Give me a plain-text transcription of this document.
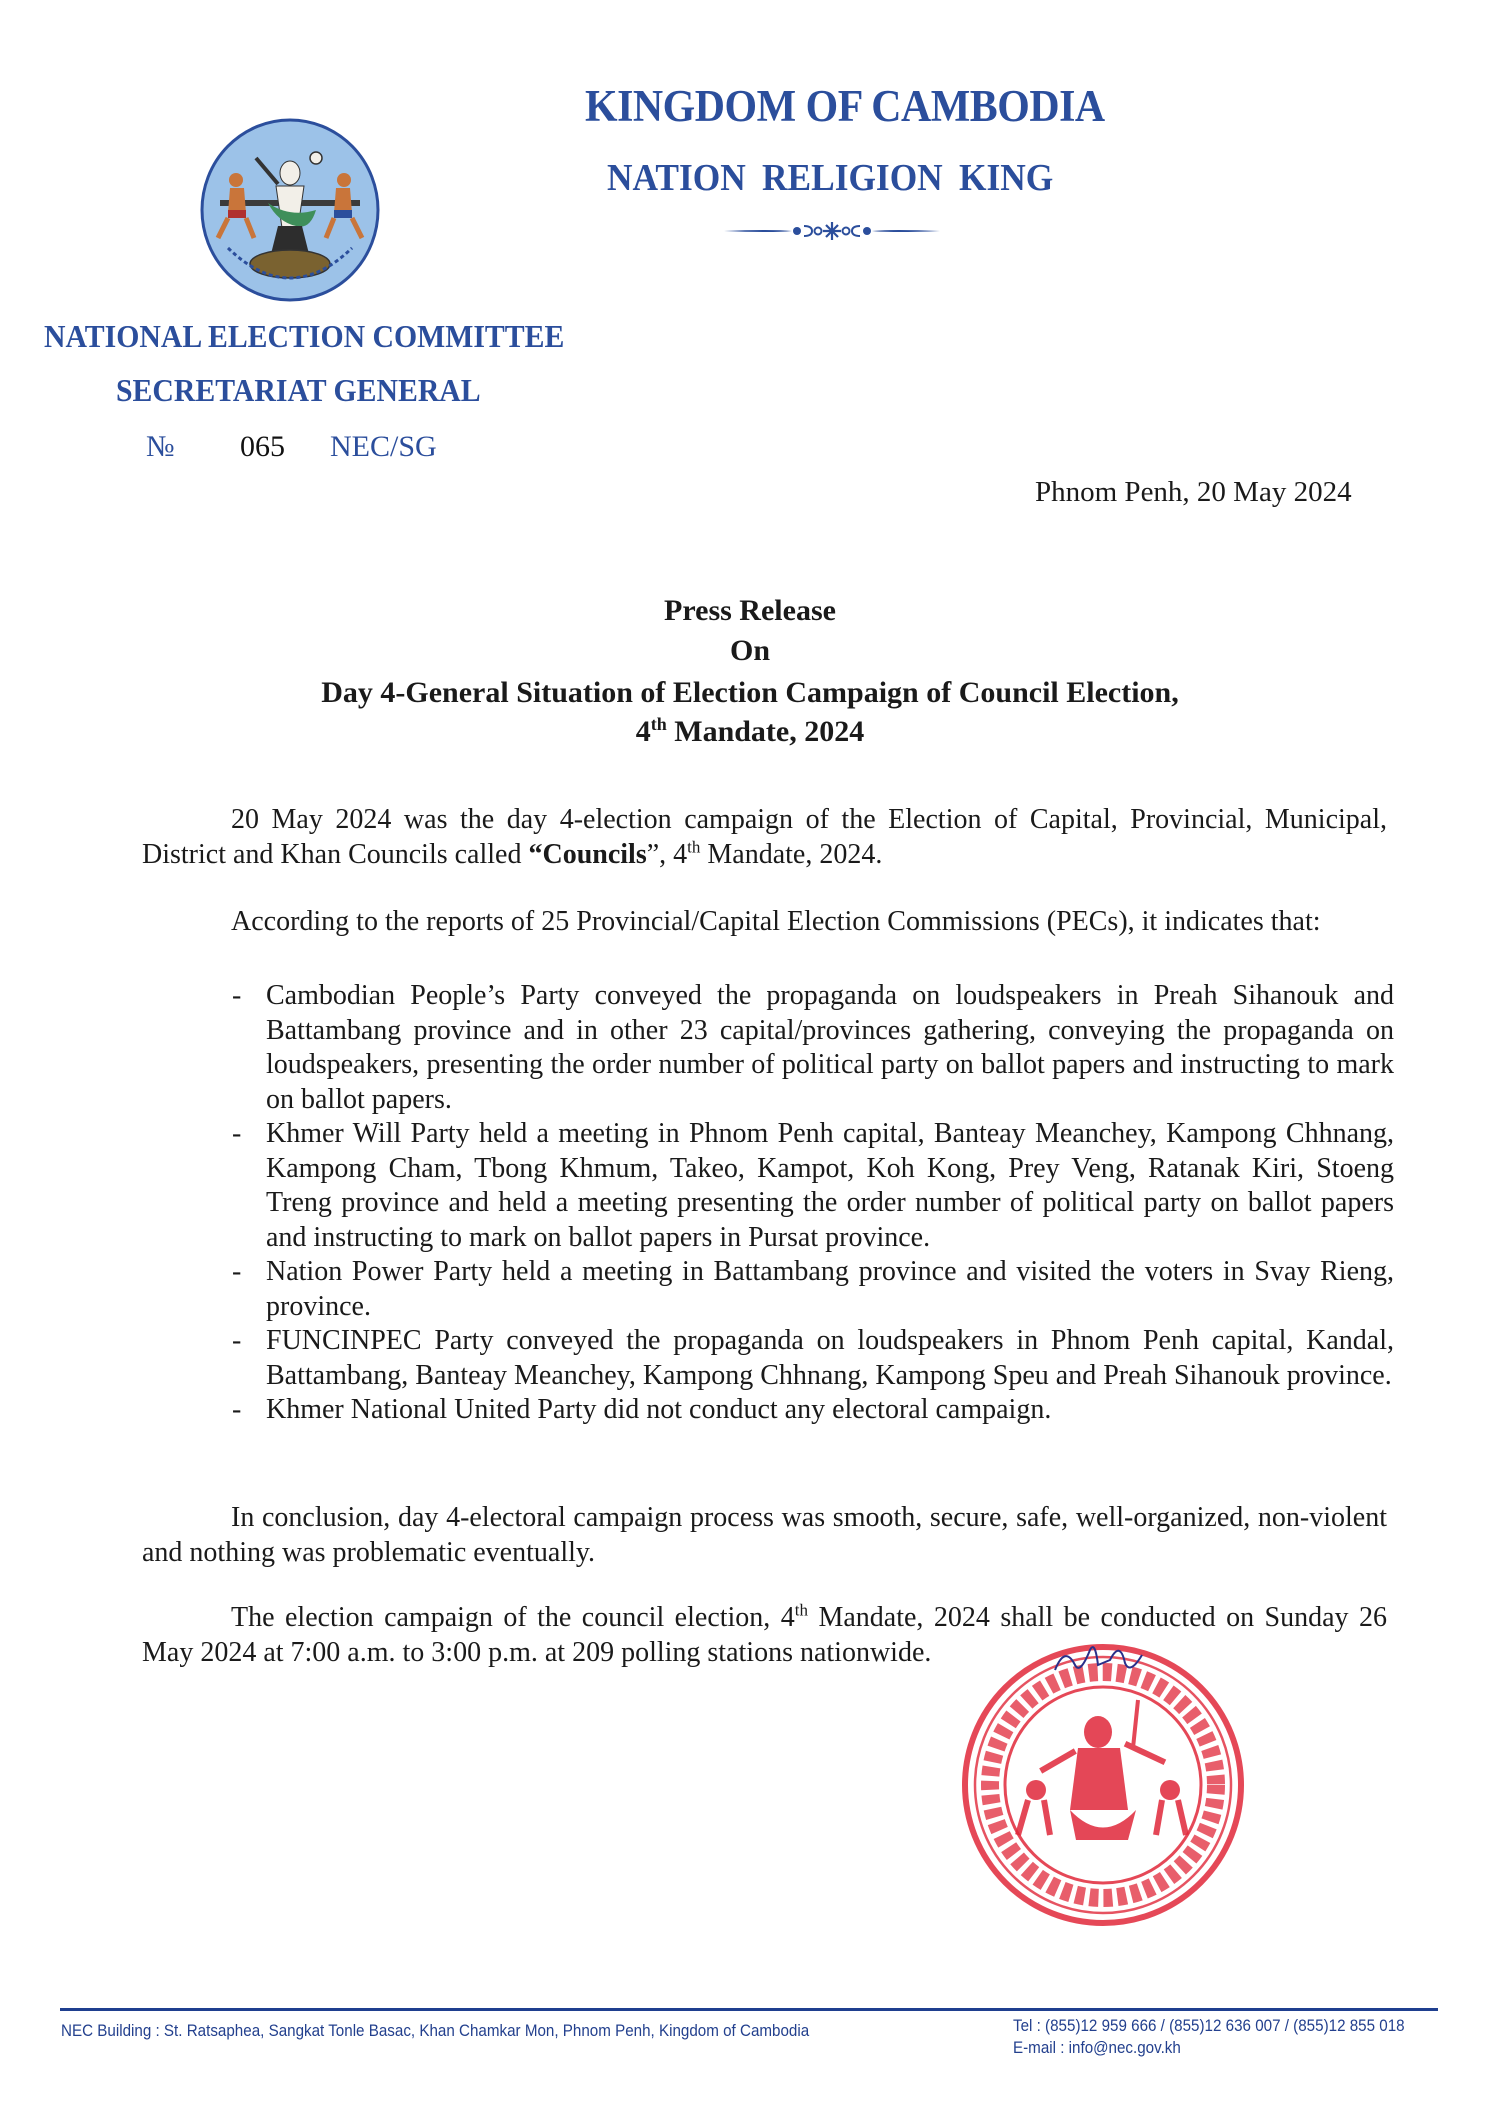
KINGDOM OF CAMBODIA
NATION RELIGION KING
NATIONAL ELECTION COMMITTEE
SECRETARIAT GENERAL
№ 065 NEC/SG
Phnom Penh, 20 May 2024
Press Release
On
Day 4-General Situation of Election Campaign of Council Election,
4th Mandate, 2024
20 May 2024 was the day 4-election campaign of the Election of Capital, Provincial, Municipal, District and Khan Councils called “Councils”, 4th Mandate, 2024.
According to the reports of 25 Provincial/Capital Election Commissions (PECs), it indicates that:
- Cambodian People’s Party conveyed the propaganda on loudspeakers in Preah Sihanouk and Battambang province and in other 23 capital/provinces gathering, conveying the propaganda on loudspeakers, presenting the order number of political party on ballot papers and instructing to mark on ballot papers.
- Khmer Will Party held a meeting in Phnom Penh capital, Banteay Meanchey, Kampong Chhnang, Kampong Cham, Tbong Khmum, Takeo, Kampot, Koh Kong, Prey Veng, Ratanak Kiri, Stoeng Treng province and held a meeting presenting the order number of political party on ballot papers and instructing to mark on ballot papers in Pursat province.
- Nation Power Party held a meeting in Battambang province and visited the voters in Svay Rieng, province.
- FUNCINPEC Party conveyed the propaganda on loudspeakers in Phnom Penh capital, Kandal, Battambang, Banteay Meanchey, Kampong Chhnang, Kampong Speu and Preah Sihanouk province.
- Khmer National United Party did not conduct any electoral campaign.
In conclusion, day 4-electoral campaign process was smooth, secure, safe, well-organized, non-violent and nothing was problematic eventually.
The election campaign of the council election, 4th Mandate, 2024 shall be conducted on Sunday 26 May 2024 at 7:00 a.m. to 3:00 p.m. at 209 polling stations nationwide.
NEC Building : St. Ratsaphea, Sangkat Tonle Basac, Khan Chamkar Mon, Phnom Penh, Kingdom of Cambodia	Tel : (855)12 959 666 / (855)12 636 007 / (855)12 855 018
E-mail : info@nec.gov.kh
